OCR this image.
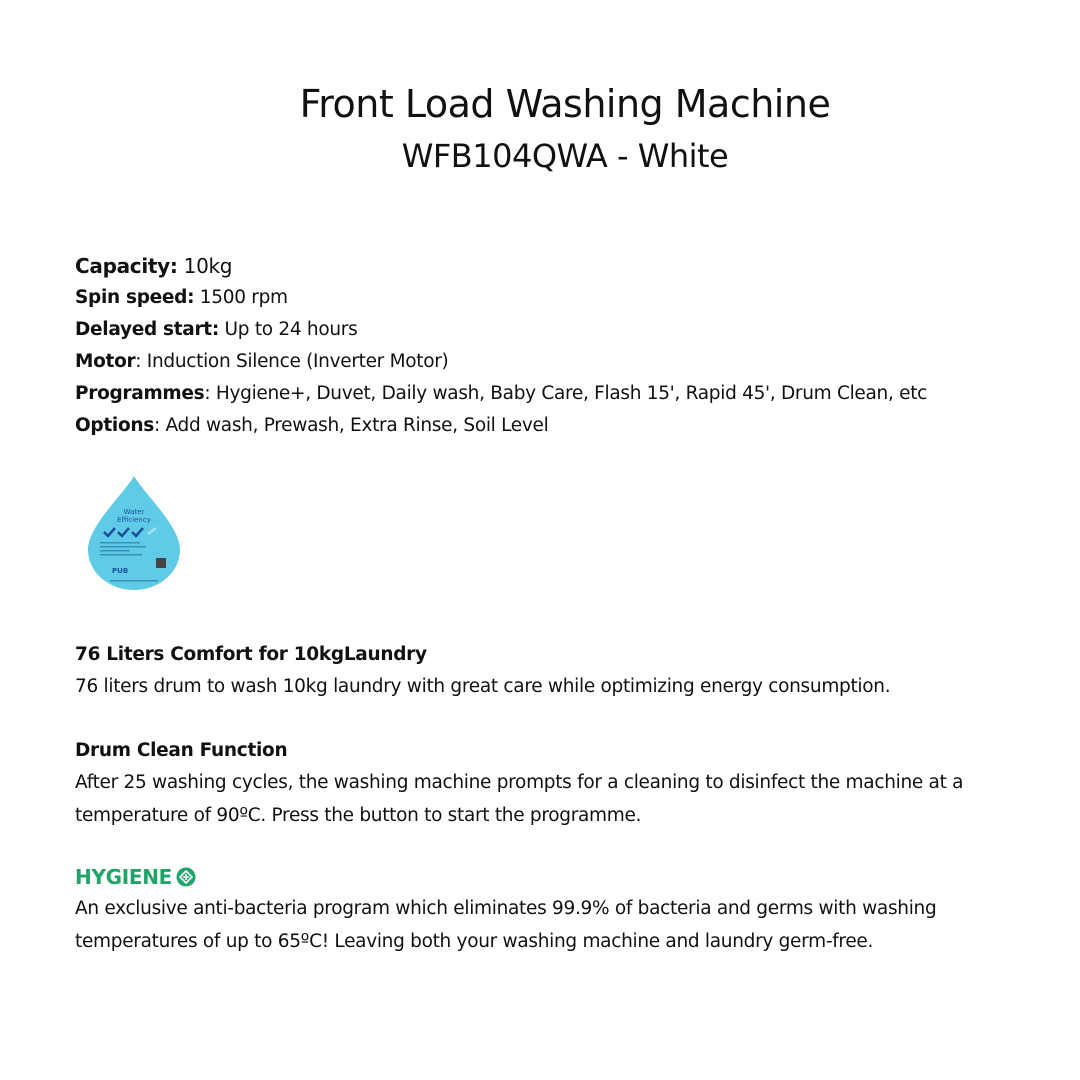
Front Load Washing Machine
WFB104QWA - White
Capacity: 10kg
Spin speed: 1500 rpm
Delayed start: Up to 24 hours
Motor: Induction Silence (Inverter Motor)
Programmes: Hygiene+, Duvet, Daily wash, Baby Care, Flash 15', Rapid 45', Drum Clean, etc
Options: Add wash, Prewash, Extra Rinse, Soil Level
Water
Efficiency
PUB
76 Liters Comfort for 10kgLaundry
76 liters drum to wash 10kg laundry with great care while optimizing energy consumption.
Drum Clean Function
After 25 washing cycles, the washing machine prompts for a cleaning to disinfect the machine at a temperature of 90ºC. Press the button to start the programme.
HYGIENE
An exclusive anti-bacteria program which eliminates 99.9% of bacteria and germs with washing temperatures of up to 65ºC! Leaving both your washing machine and laundry germ-free.
